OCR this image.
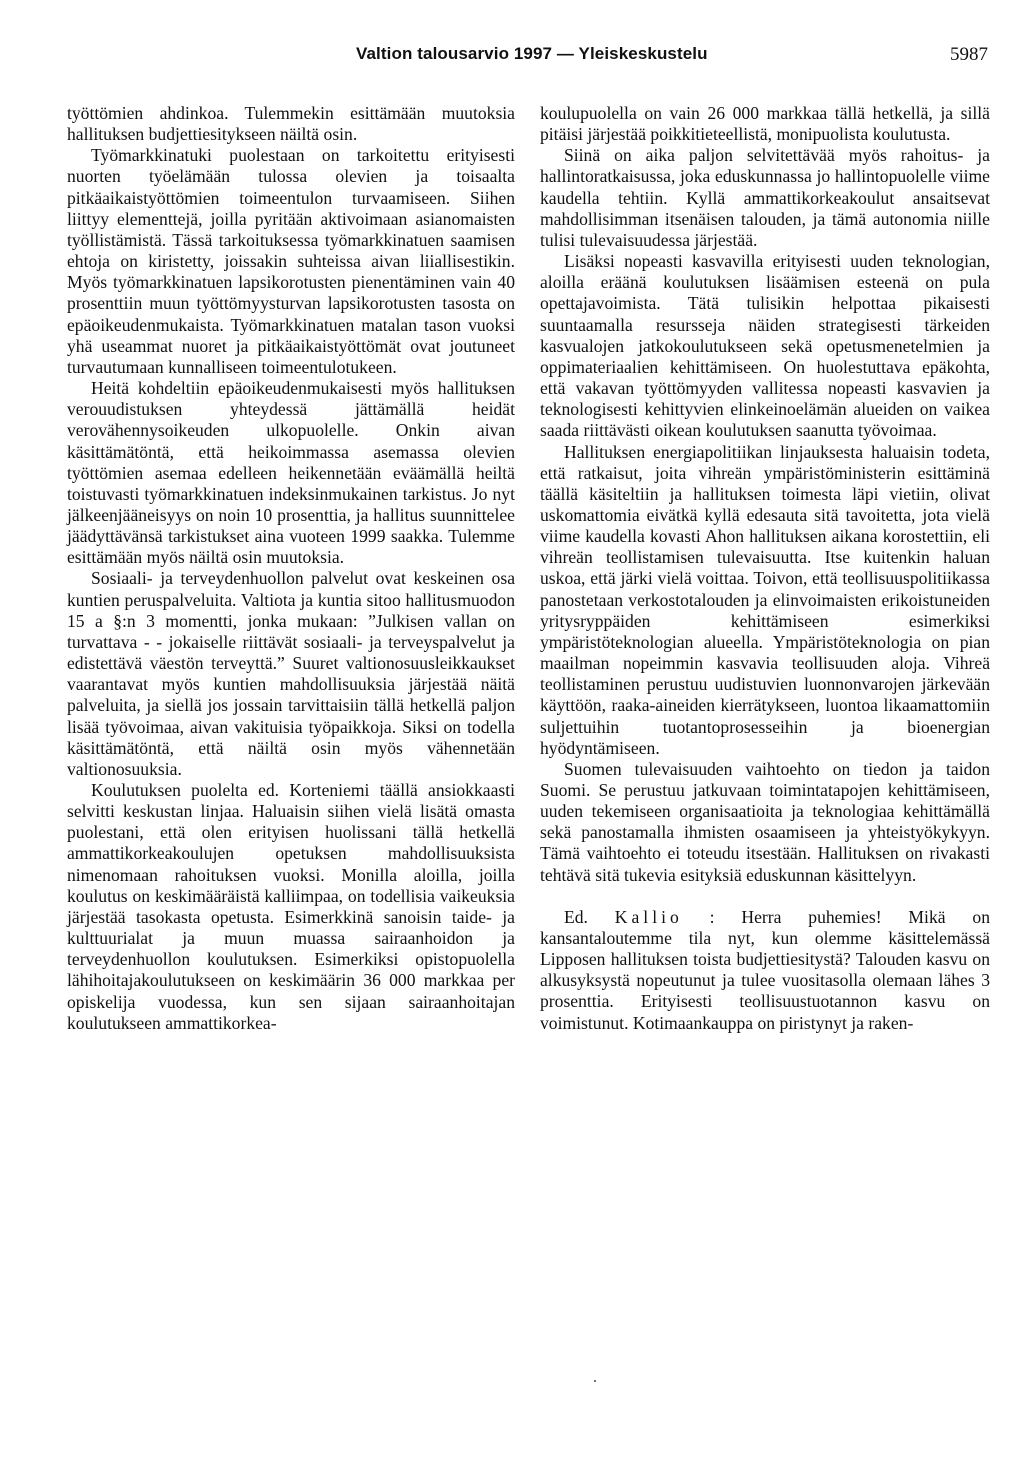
Valtion talousarvio 1997 — Yleiskeskustelu	5987

työttömien ahdinkoa. Tulemmekin esittämään muutoksia hallituksen budjettiesitykseen näiltä osin.

Työmarkkinatuki puolestaan on tarkoitettu erityisesti nuorten työelämään tulossa olevien ja toisaalta pitkäaikaistyöttömien toimeentulon turvaamiseen. Siihen liittyy elementtejä, joilla pyritään aktivoimaan asianomaisten työllistämistä. Tässä tarkoituksessa työmarkkinatuen saamisen ehtoja on kiristetty, joissakin suhteissa aivan liiallisestikin. Myös työmarkkinatuen lapsikorotusten pienentäminen vain 40 prosenttiin muun työttömyysturvan lapsikorotusten tasosta on epäoikeudenmukaista. Työmarkkinatuen matalan tason vuoksi yhä useammat nuoret ja pitkäaikaistyöttömät ovat joutuneet turvautumaan kunnalliseen toimeentulotukeen.

Heitä kohdeltiin epäoikeudenmukaisesti myös hallituksen verouudistuksen yhteydessä jättämällä heidät verovähennysoikeuden ulkopuolelle. Onkin aivan käsittämätöntä, että heikoimmassa asemassa olevien työttömien asemaa edelleen heikennetään eväämällä heiltä toistuvasti työmarkkinatuen indeksinmukainen tarkistus. Jo nyt jälkeenjääneisyys on noin 10 prosenttia, ja hallitus suunnittelee jäädyttävänsä tarkistukset aina vuoteen 1999 saakka. Tulemme esittämään myös näiltä osin muutoksia.

Sosiaali- ja terveydenhuollon palvelut ovat keskeinen osa kuntien peruspalveluita. Valtiota ja kuntia sitoo hallitusmuodon 15 a §:n 3 momentti, jonka mukaan: ”Julkisen vallan on turvattava - - jokaiselle riittävät sosiaali- ja terveyspalvelut ja edistettävä väestön terveyttä.” Suuret valtionosuusleikkaukset vaarantavat myös kuntien mahdollisuuksia järjestää näitä palveluita, ja siellä jos jossain tarvittaisiin tällä hetkellä paljon lisää työvoimaa, aivan vakituisia työpaikkoja. Siksi on todella käsittämätöntä, että näiltä osin myös vähennetään valtionosuuksia.

Koulutuksen puolelta ed. Korteniemi täällä ansiokkaasti selvitti keskustan linjaa. Haluaisin siihen vielä lisätä omasta puolestani, että olen erityisen huolissani tällä hetkellä ammattikorkeakoulujen opetuksen mahdollisuuksista nimenomaan rahoituksen vuoksi. Monilla aloilla, joilla koulutus on keskimääräistä kalliimpaa, on todellisia vaikeuksia järjestää tasokasta opetusta. Esimerkkinä sanoisin taide- ja kulttuurialat ja muun muassa sairaanhoidon ja terveydenhuollon koulutuksen. Esimerkiksi opistopuolella lähihoitajakoulutukseen on keskimäärin 36 000 markkaa per opiskelija vuodessa, kun sen sijaan sairaanhoitajan koulutukseen ammattikorkea-

koulupuolella on vain 26 000 markkaa tällä hetkellä, ja sillä pitäisi järjestää poikkitieteellistä, monipuolista koulutusta.

Siinä on aika paljon selvitettävää myös rahoitus- ja hallintoratkaisussa, joka eduskunnassa jo hallintopuolelle viime kaudella tehtiin. Kyllä ammattikorkeakoulut ansaitsevat mahdollisimman itsenäisen talouden, ja tämä autonomia niille tulisi tulevaisuudessa järjestää.

Lisäksi nopeasti kasvavilla erityisesti uuden teknologian, aloilla eräänä koulutuksen lisäämisen esteenä on pula opettajavoimista. Tätä tulisikin helpottaa pikaisesti suuntaamalla resursseja näiden strategisesti tärkeiden kasvualojen jatkokoulutukseen sekä opetusmenetelmien ja oppimateriaalien kehittämiseen. On huolestuttava epäkohta, että vakavan työttömyyden vallitessa nopeasti kasvavien ja teknologisesti kehittyvien elinkeinoelämän alueiden on vaikea saada riittävästi oikean koulutuksen saanutta työvoimaa.

Hallituksen energiapolitiikan linjauksesta haluaisin todeta, että ratkaisut, joita vihreän ympäristöministerin esittäminä täällä käsiteltiin ja hallituksen toimesta läpi vietiin, olivat uskomattomia eivätkä kyllä edesauta sitä tavoitetta, jota vielä viime kaudella kovasti Ahon hallituksen aikana korostettiin, eli vihreän teollistamisen tulevaisuutta. Itse kuitenkin haluan uskoa, että järki vielä voittaa. Toivon, että teollisuuspolitiikassa panostetaan verkostotalouden ja elinvoimaisten erikoistuneiden yritysryppäiden kehittämiseen esimerkiksi ympäristöteknologian alueella. Ympäristöteknologia on pian maailman nopeimmin kasvavia teollisuuden aloja. Vihreä teollistaminen perustuu uudistuvien luonnonvarojen järkevään käyttöön, raaka-aineiden kierrätykseen, luontoa likaamattomiin suljettuihin tuotantoprosesseihin ja bioenergian hyödyntämiseen.

Suomen tulevaisuuden vaihtoehto on tiedon ja taidon Suomi. Se perustuu jatkuvaan toimintatapojen kehittämiseen, uuden tekemiseen organisaatioita ja teknologiaa kehittämällä sekä panostamalla ihmisten osaamiseen ja yhteistyökykyyn. Tämä vaihtoehto ei toteudu itsestään. Hallituksen on rivakasti tehtävä sitä tukevia esityksiä eduskunnan käsittelyyn.

Ed. Kallio : Herra puhemies! Mikä on kansantaloutemme tila nyt, kun olemme käsittelemässä Lipposen hallituksen toista budjettiesitystä? Talouden kasvu on alkusyksystä nopeutunut ja tulee vuositasolla olemaan lähes 3 prosenttia. Erityisesti teollisuustuotannon kasvu on voimistunut. Kotimaankauppa on piristynyt ja raken-
